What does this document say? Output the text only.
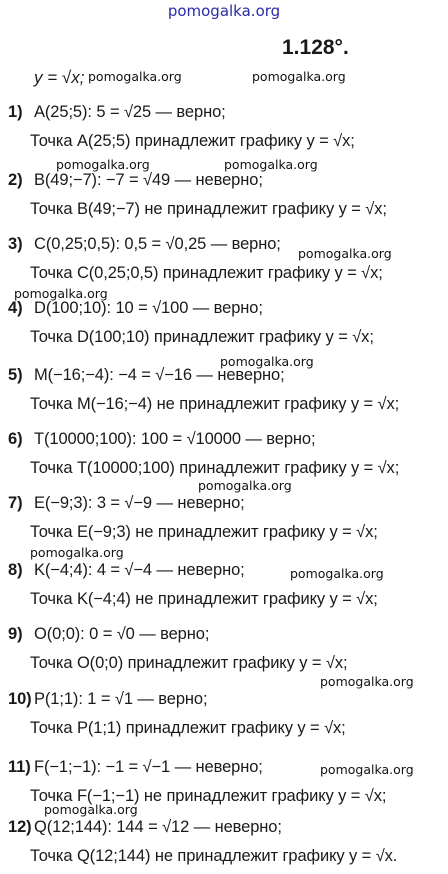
pomogalka.org
1.128°.
y = √x; pomogalka.org	pomogalka.org
pomogalka.org	pomogalka.org
pomogalka.org
pomogalka.org
pomogalka.org
pomogalka.org
pomogalka.org
pomogalka.org
pomogalka.org
pomogalka.org
pomogalka.org
1) A(25;5): 5 = √25 — верно;
Точка A(25;5) принадлежит графику y = √x;
2) B(49;−7): −7 = √49 — неверно;
Точка B(49;−7) не принадлежит графику y = √x;
3) C(0,25;0,5): 0,5 = √0,25 — верно;
Точка C(0,25;0,5) принадлежит графику y = √x;
4) D(100;10): 10 = √100 — верно;
Точка D(100;10) принадлежит графику y = √x;
5) M(−16;−4): −4 = √−16 — неверно;
Точка M(−16;−4) не принадлежит графику y = √x;
6) T(10000;100): 100 = √10000 — верно;
Точка T(10000;100) принадлежит графику y = √x;
7) E(−9;3): 3 = √−9 — неверно;
Точка E(−9;3) не принадлежит графику y = √x;
8) K(−4;4): 4 = √−4 — неверно;
Точка K(−4;4) не принадлежит графику y = √x;
9) O(0;0): 0 = √0 — верно;
Точка O(0;0) принадлежит графику y = √x;
10) P(1;1): 1 = √1 — верно;
Точка P(1;1) принадлежит графику y = √x;
11) F(−1;−1): −1 = √−1 — неверно;
Точка F(−1;−1) не принадлежит графику y = √x;
12) Q(12;144): 144 = √12 — неверно;
Точка Q(12;144) не принадлежит графику y = √x.
